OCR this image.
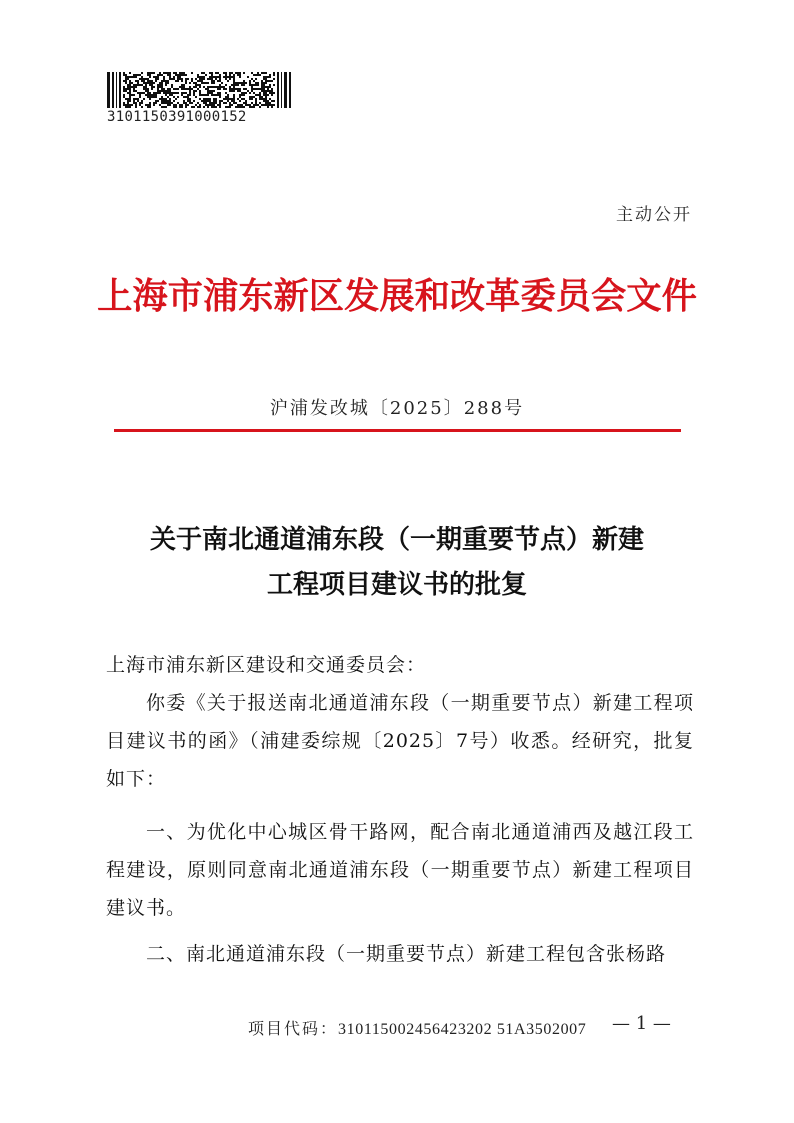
3101150391000152
主动公开
上海市浦东新区发展和改革委员会文件
沪浦发改城〔2025〕288号
关于南北通道浦东段（一期重要节点）新建
工程项目建议书的批复
上海市浦东新区建设和交通委员会：
你委《关于报送南北通道浦东段（一期重要节点）新建工程项目建议书的函》（浦建委综规〔2025〕7号）收悉。经研究，批复如下：
一、为优化中心城区骨干路网，配合南北通道浦西及越江段工程建设，原则同意南北通道浦东段（一期重要节点）新建工程项目建议书。
二、南北通道浦东段（一期重要节点）新建工程包含张杨路
项目代码：310115002456423202 51A3502007 — 1 —
